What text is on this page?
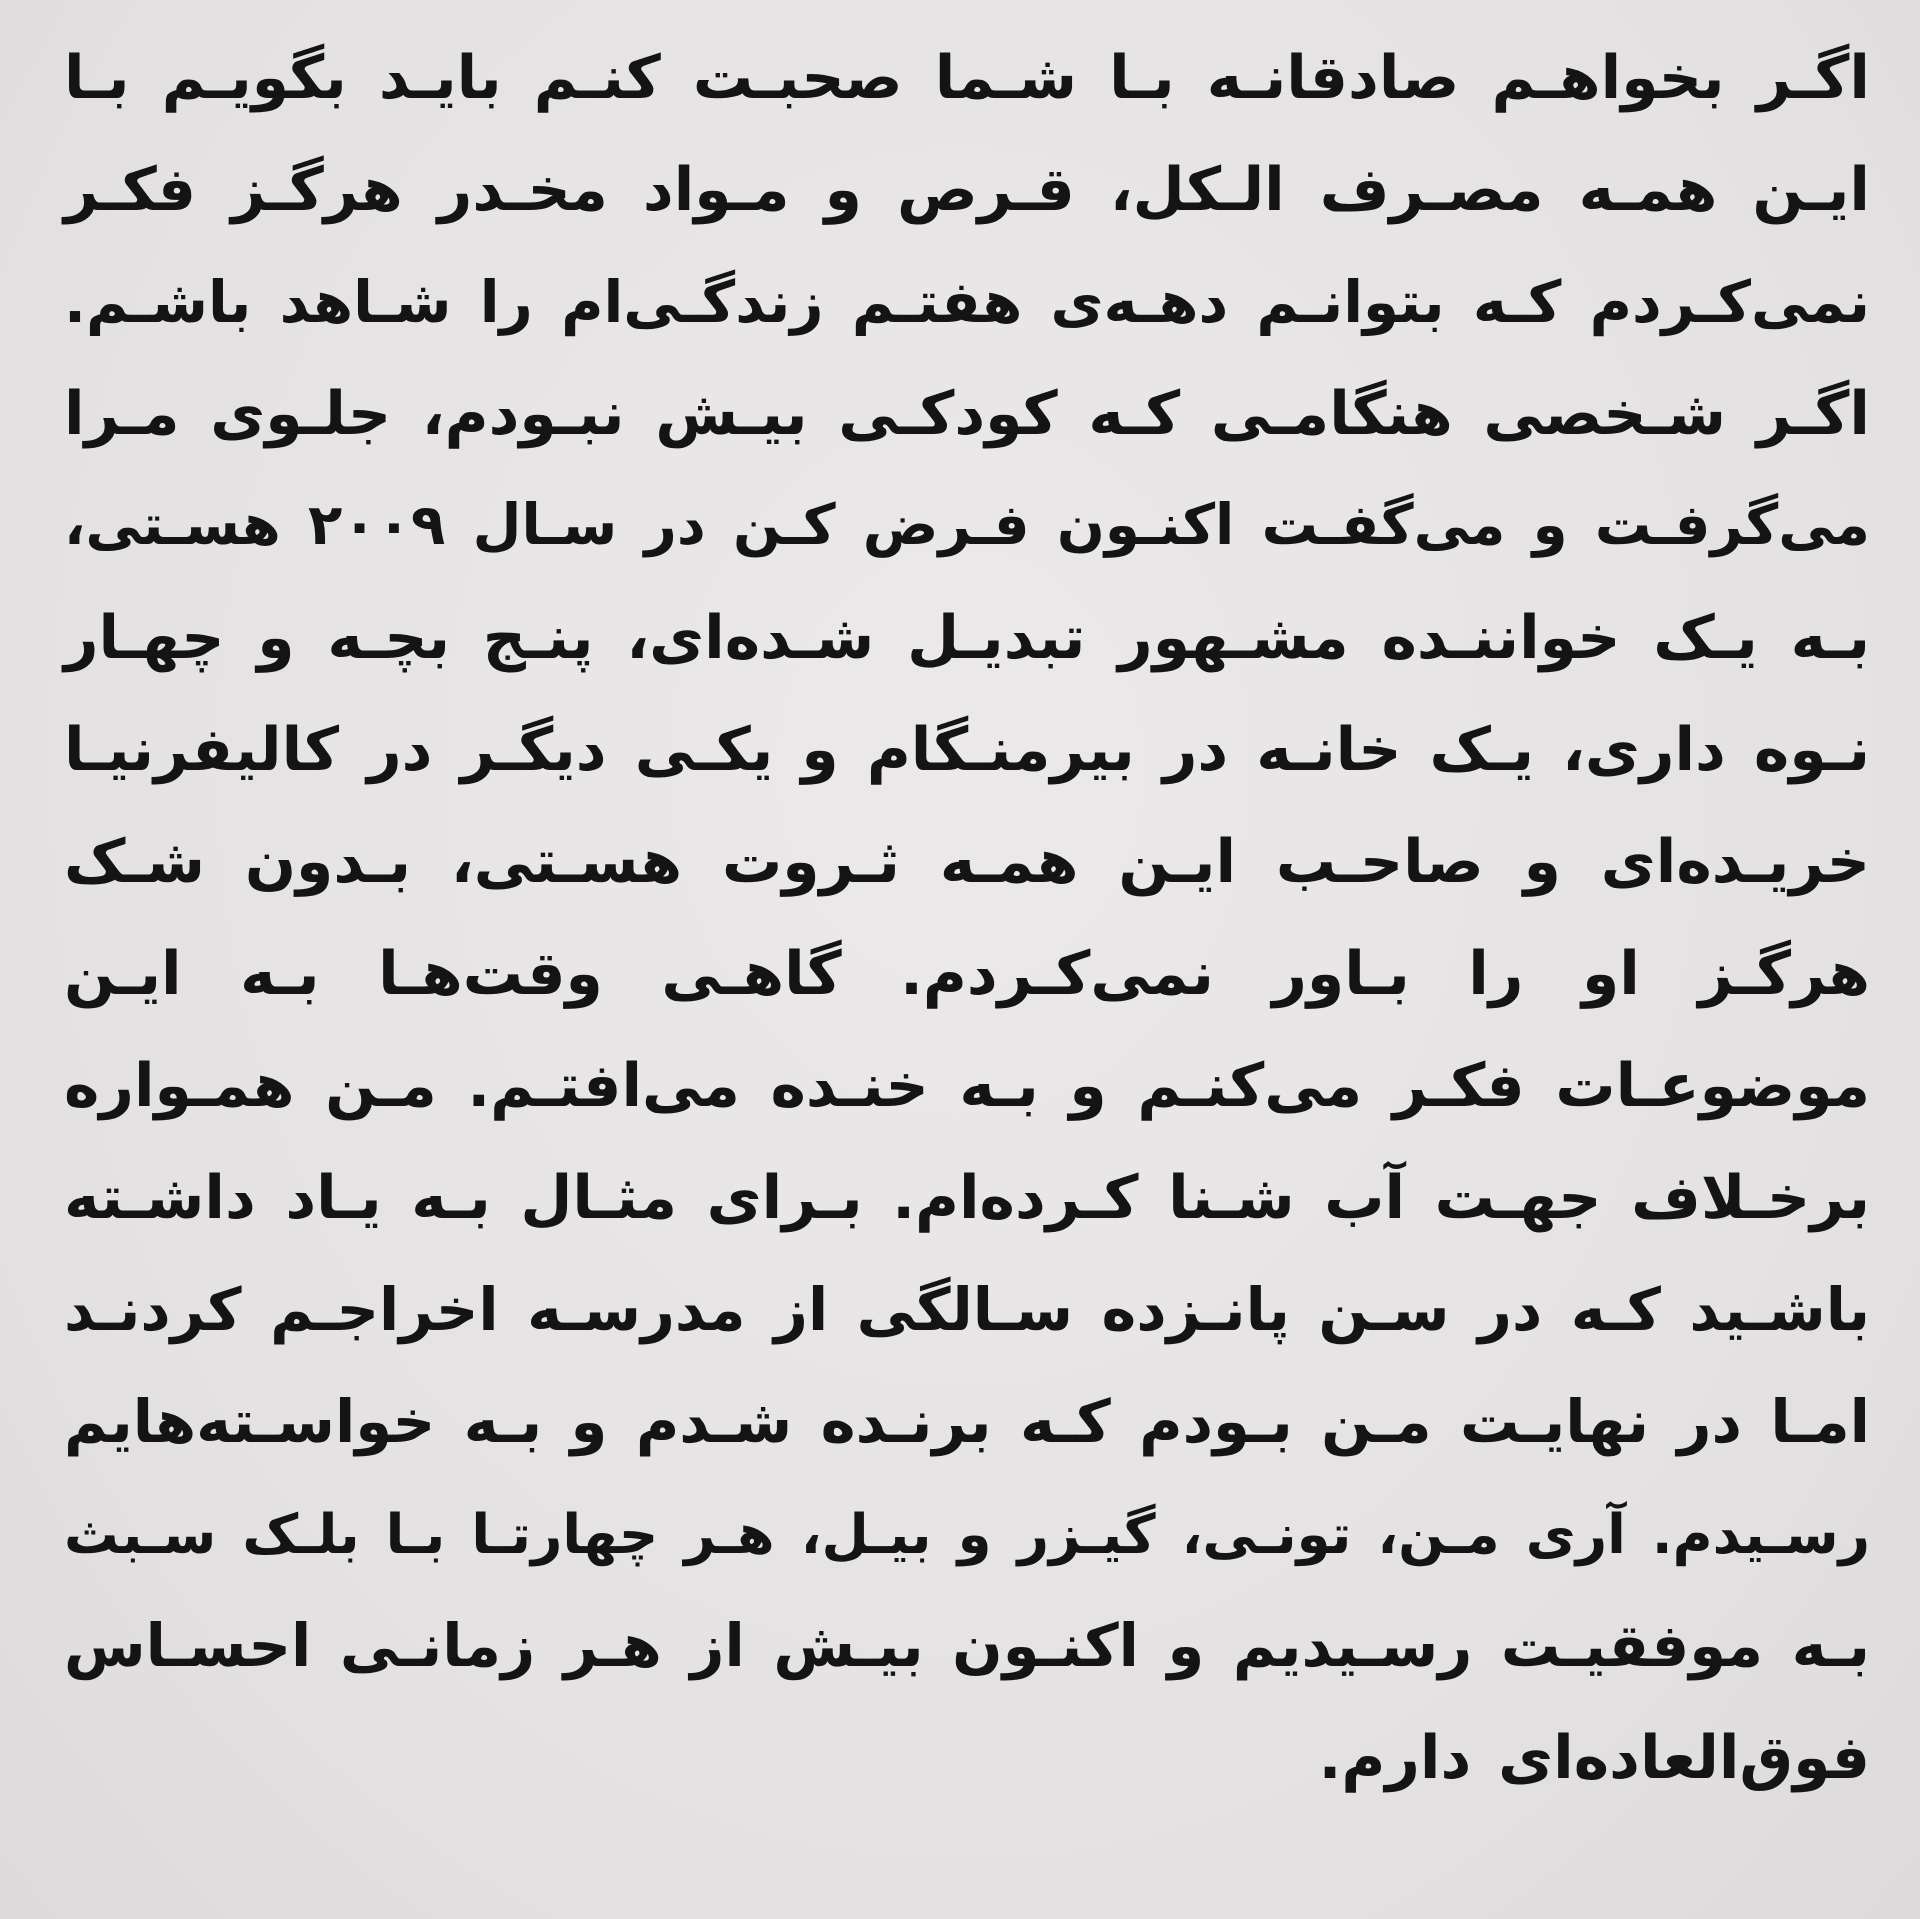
اگـر بخواهـم صادقانـه بـا شـما صحبـت کنـم بایـد بگویـم بـا
ایـن همـه مصـرف الـکل، قـرص و مـواد مخـدر هرگـز فکـر
نمی‌کـردم کـه بتوانـم دهـه‌ی هفتـم زندگـی‌ام را شـاهد باشـم.
اگـر شـخصی هنگامـی کـه کودکـی بیـش نبـودم، جلـوی مـرا
می‌گرفـت و می‌گفـت اکنـون فـرض کـن در سـال ۲۰۰۹ هسـتی،
بـه یـک خواننـده مشـهور تبدیـل شـده‌ای، پنـج بچـه و چهـار
نـوه داری، یـک خانـه در بیرمنـگام و یکـی دیگـر در کالیفرنیـا
خریـده‌ای و صاحـب ایـن همـه ثـروت هسـتی، بـدون شـک
هرگـز او را بـاور نمی‌کـردم. گاهـی وقت‌هـا بـه ایـن
موضوعـات فکـر می‌کنـم و بـه خنـده می‌افتـم. مـن همـواره
برخـلاف جهـت آب شـنا کـرده‌ام. بـرای مثـال بـه یـاد داشـته
باشـید کـه در سـن پانـزده سـالگی از مدرسـه اخراجـم کردنـد
امـا در نهایـت مـن بـودم کـه برنـده شـدم و بـه خواسـته‌هایم
رسـیدم. آری مـن، تونـی، گیـزر و بیـل، هـر چهارتـا بـا بلـک سـبث
بـه موفقیـت رسـیدیم و اکنـون بیـش از هـر زمانـی احسـاس
فوق‌العاده‌ای دارم.
